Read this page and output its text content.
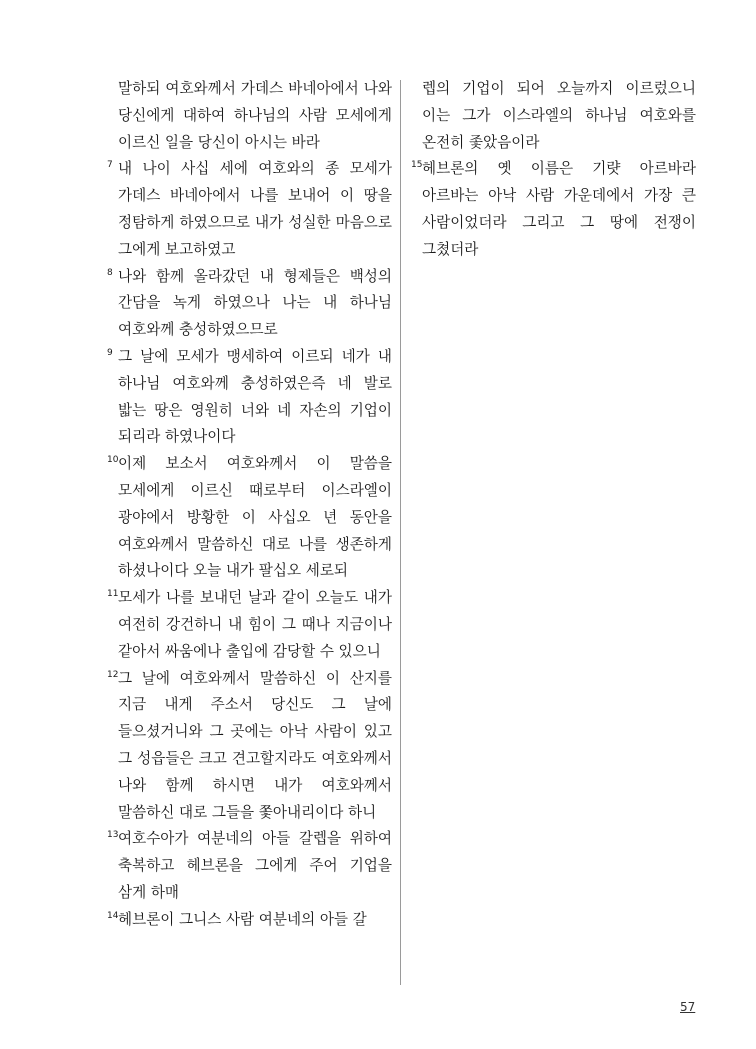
말하되 여호와께서 가데스 바네아에서 나와 당신에게 대하여 하나님의 사람 모세에게 이르신 일을 당신이 아시는 바라
7 내 나이 사십 세에 여호와의 종 모세가 가데스 바네아에서 나를 보내어 이 땅을 정탐하게 하였으므로 내가 성실한 마음으로 그에게 보고하였고
8 나와 함께 올라갔던 내 형제들은 백성의 간담을 녹게 하였으나 나는 내 하나님 여호와께 충성하였으므로
9 그 날에 모세가 맹세하여 이르되 네가 내 하나님 여호와께 충성하였은즉 네 발로 밟는 땅은 영원히 너와 네 자손의 기업이 되리라 하였나이다
10 이제 보소서 여호와께서 이 말씀을 모세에게 이르신 때로부터 이스라엘이 광야에서 방황한 이 사십오 년 동안을 여호와께서 말씀하신 대로 나를 생존하게 하셨나이다 오늘 내가 팔십오 세로되
11 모세가 나를 보내던 날과 같이 오늘도 내가 여전히 강건하니 내 힘이 그 때나 지금이나 같아서 싸움에나 출입에 감당할 수 있으니
12 그 날에 여호와께서 말씀하신 이 산지를 지금 내게 주소서 당신도 그 날에 들으셨거니와 그 곳에는 아낙 사람이 있고 그 성읍들은 크고 견고할지라도 여호와께서 나와 함께 하시면 내가 여호와께서 말씀하신 대로 그들을 쫓아내리이다 하니
13 여호수아가 여분네의 아들 갈렙을 위하여 축복하고 헤브론을 그에게 주어 기업을 삼게 하매
14 헤브론이 그니스 사람 여분네의 아들 갈
렙의 기업이 되어 오늘까지 이르렀으니 이는 그가 이스라엘의 하나님 여호와를 온전히 좇았음이라
15 헤브론의 옛 이름은 기럇 아르바라 아르바는 아낙 사람 가운데에서 가장 큰 사람이었더라 그리고 그 땅에 전쟁이 그쳤더라
57
